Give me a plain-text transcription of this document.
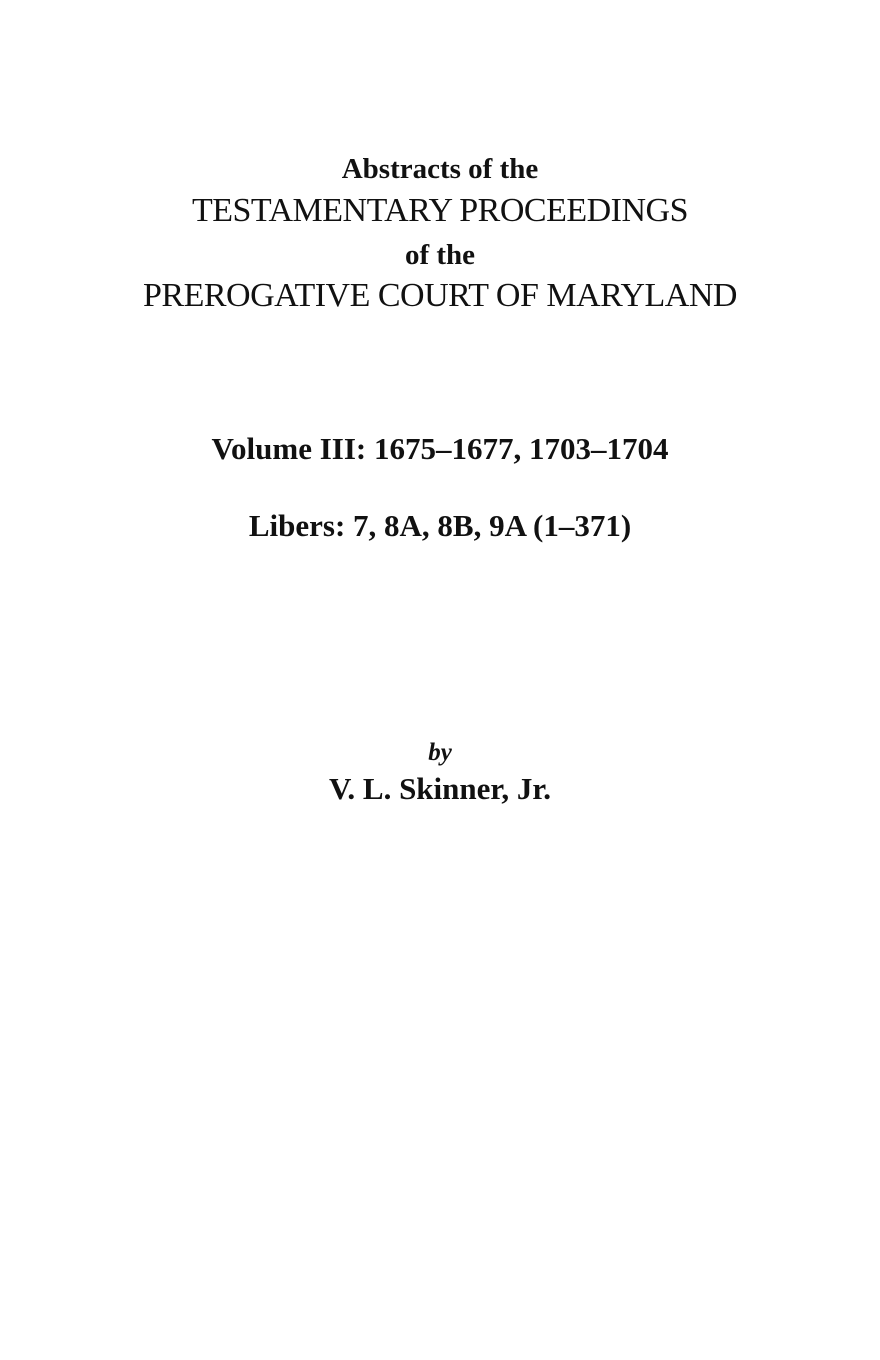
Abstracts of the
TESTAMENTARY PROCEEDINGS
of the
PREROGATIVE COURT OF MARYLAND
Volume III: 1675–1677, 1703–1704
Libers: 7, 8A, 8B, 9A (1–371)
by
V. L. Skinner, Jr.
